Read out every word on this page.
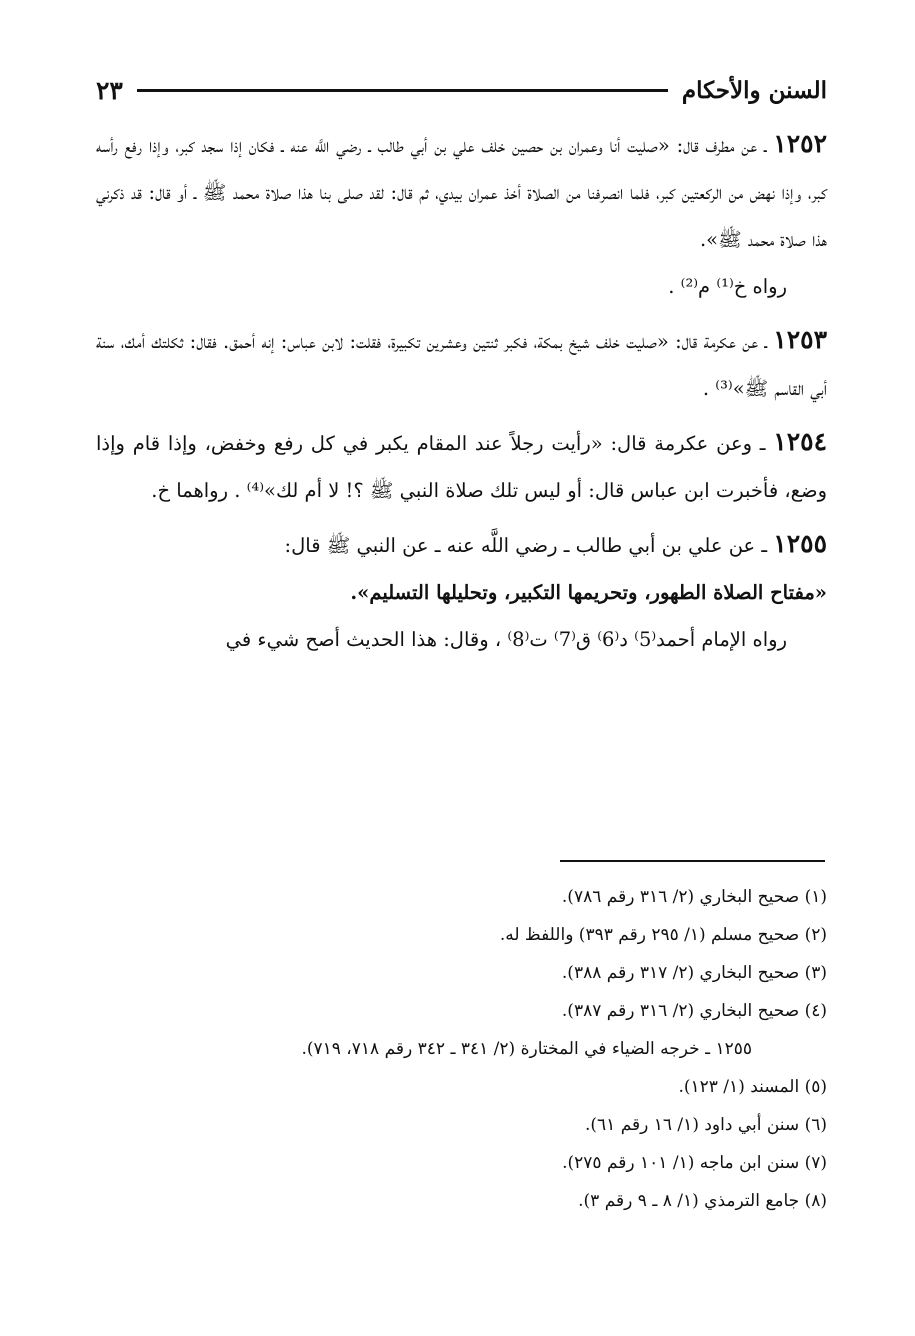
السنن والأحكام
٢٣

١٢٥٢ ـ عن مطرف قال: «صليت أنا وعمران بن حصين خلف علي بن أبي طالب ـ رضي اللَّه عنه ـ فكان إذا سجد كبر، وإذا رفع رأسه كبر، وإذا نهض من الركعتين كبر، فلما انصرفنا من الصلاة أخذ عمران بيدي، ثم قال: لقد صلى بنا هذا صلاة محمد ﷺ ـ أو قال: قد ذكرني هذا صلاة محمد ﷺ».
رواه خ⁽¹⁾ م⁽²⁾ .

١٢٥٣ ـ عن عكرمة قال: «صليت خلف شيخ بمكة، فكبر ثنتين وعشرين تكبيرة، فقلت: لابن عباس: إنه أحمق. فقال: ثكلتك أمك، سنة أبي القاسم ﷺ»⁽³⁾ .

١٢٥٤ ـ وعن عكرمة قال: «رأيت رجلاً عند المقام يكبر في كل رفع وخفض، وإذا قام وإذا وضع، فأخبرت ابن عباس قال: أو ليس تلك صلاة النبي ﷺ ؟! لا أم لك»⁽⁴⁾ . رواهما خ.

١٢٥٥ ـ عن علي بن أبي طالب ـ رضي اللَّه عنه ـ عن النبي ﷺ قال:
«مفتاح الصلاة الطهور، وتحريمها التكبير، وتحليلها التسليم».
رواه الإمام أحمد⁽5⁾ د⁽6⁾ ق⁽7⁾ ت⁽8⁾ ، وقال: هذا الحديث أصح شيء في

(١) صحيح البخاري (٢/ ٣١٦ رقم ٧٨٦).
(٢) صحيح مسلم (١/ ٢٩٥ رقم ٣٩٣) واللفظ له.
(٣) صحيح البخاري (٢/ ٣١٧ رقم ٣٨٨).
(٤) صحيح البخاري (٢/ ٣١٦ رقم ٣٨٧).
١٢٥٥ ـ خرجه الضياء في المختارة (٢/ ٣٤١ ـ ٣٤٢ رقم ٧١٨، ٧١٩).
(٥) المسند (١/ ١٢٣).
(٦) سنن أبي داود (١/ ١٦ رقم ٦١).
(٧) سنن ابن ماجه (١/ ١٠١ رقم ٢٧٥).
(٨) جامع الترمذي (١/ ٨ ـ ٩ رقم ٣).
